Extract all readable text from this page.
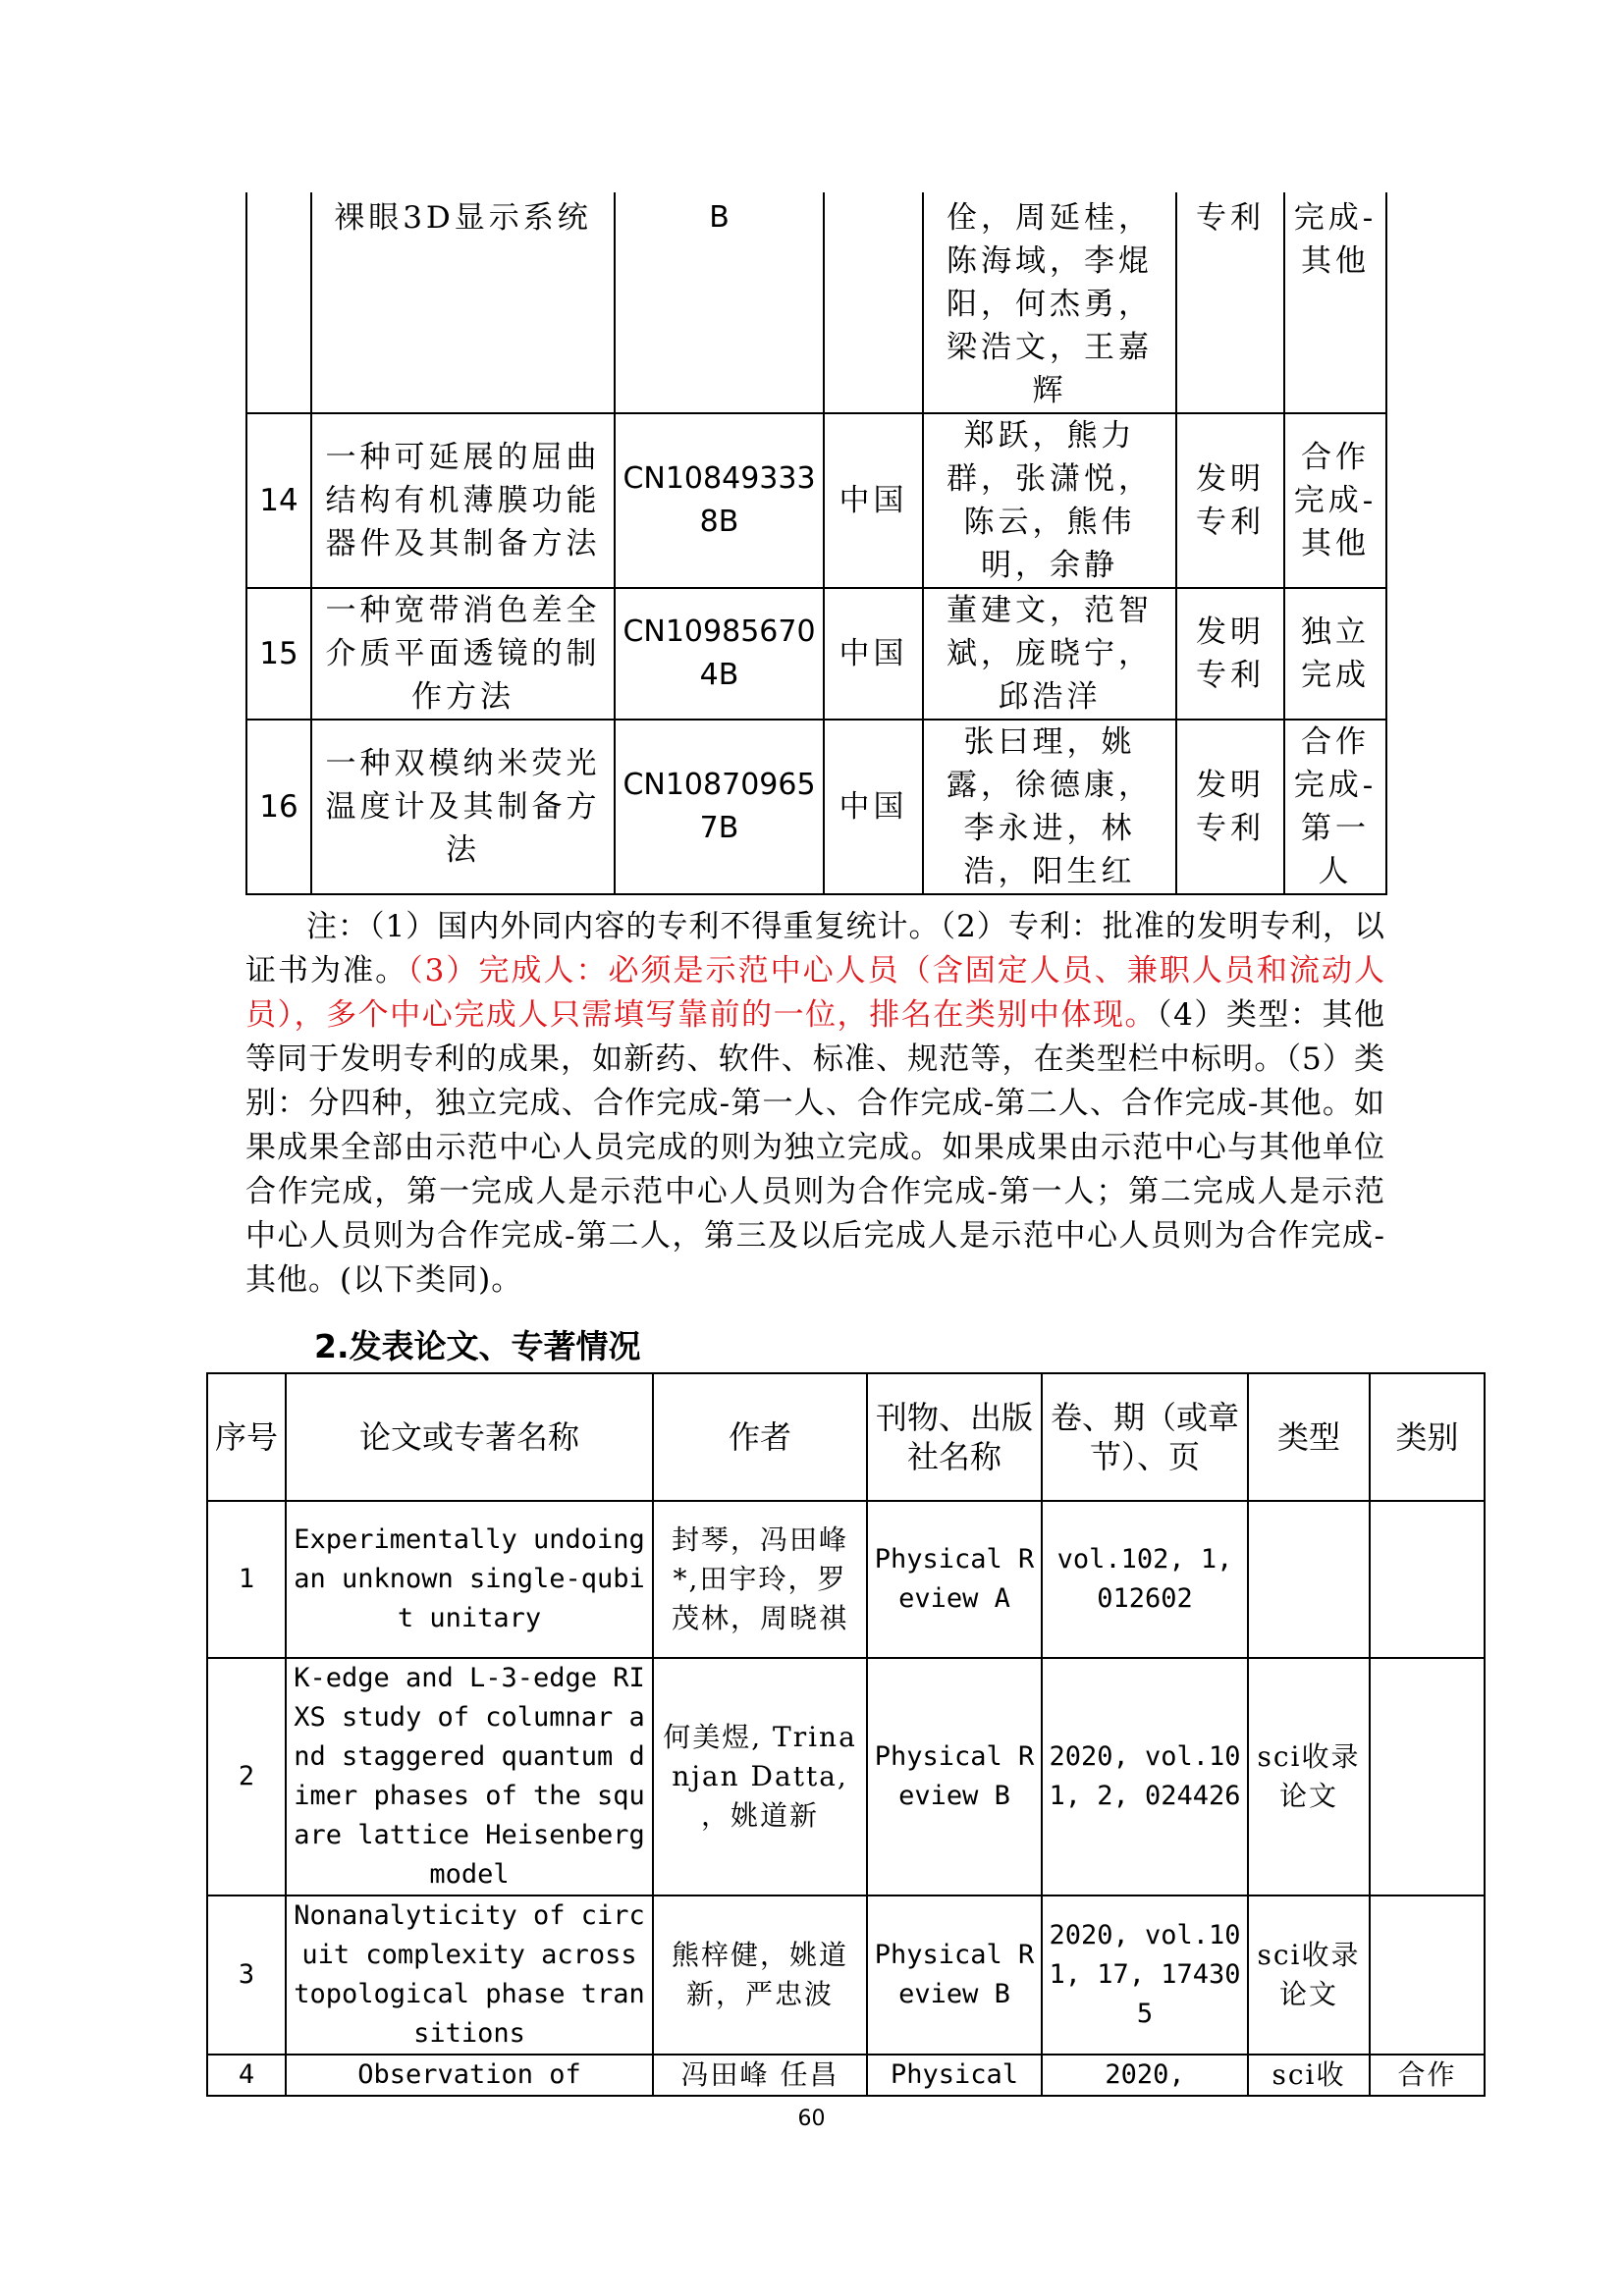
	裸眼3D显示系统	B		佺，周延桂，陈海域，李焜阳，何杰勇，梁浩文，王嘉辉	专利	完成-其他
14	一种可延展的屈曲结构有机薄膜功能器件及其制备方法	CN108493338B	中国	郑跃，熊力群，张潇悦，陈云，熊伟明，余静	发明专利	合作完成-其他
15	一种宽带消色差全介质平面透镜的制作方法	CN109856704B	中国	董建文，范智斌，庞晓宁，邱浩洋	发明专利	独立完成
16	一种双模纳米荧光温度计及其制备方法	CN108709657B	中国	张曰理，姚露，徐德康，李永进，林浩，阳生红	发明专利	合作完成-第一人

注：（1）国内外同内容的专利不得重复统计。（2）专利：批准的发明专利，以证书为准。（3）完成人：必须是示范中心人员（含固定人员、兼职人员和流动人员），多个中心完成人只需填写靠前的一位，排名在类别中体现。（4）类型：其他等同于发明专利的成果，如新药、软件、标准、规范等，在类型栏中标明。（5）类别：分四种，独立完成、合作完成-第一人、合作完成-第二人、合作完成-其他。如果成果全部由示范中心人员完成的则为独立完成。如果成果由示范中心与其他单位合作完成，第一完成人是示范中心人员则为合作完成-第一人；第二完成人是示范中心人员则为合作完成-第二人，第三及以后完成人是示范中心人员则为合作完成-其他。(以下类同)。

2.发表论文、专著情况
序号	论文或专著名称	作者	刊物、出版社名称	卷、期（或章节）、页	类型	类别
1	Experimentally undoing an unknown single-qubit unitary	封琴，冯田峰*,田宇玲，罗茂林，周晓祺	Physical Review A	vol.102, 1, 012602		
2	K-edge and L-3-edge RIXS study of columnar and staggered quantum dimer phases of the square lattice Heisenberg model	何美煜, Trinanjan Datta, ，姚道新	Physical Review B	2020, vol.101, 2, 024426	sci收录论文	
3	Nonanalyticity of circuit complexity across topological phase transitions	熊梓健，姚道新，严忠波	Physical Review B	2020, vol.101, 17, 174305	sci收录论文	
4	Observation of	冯田峰 任昌	Physical	2020,	sci收	合作
60
